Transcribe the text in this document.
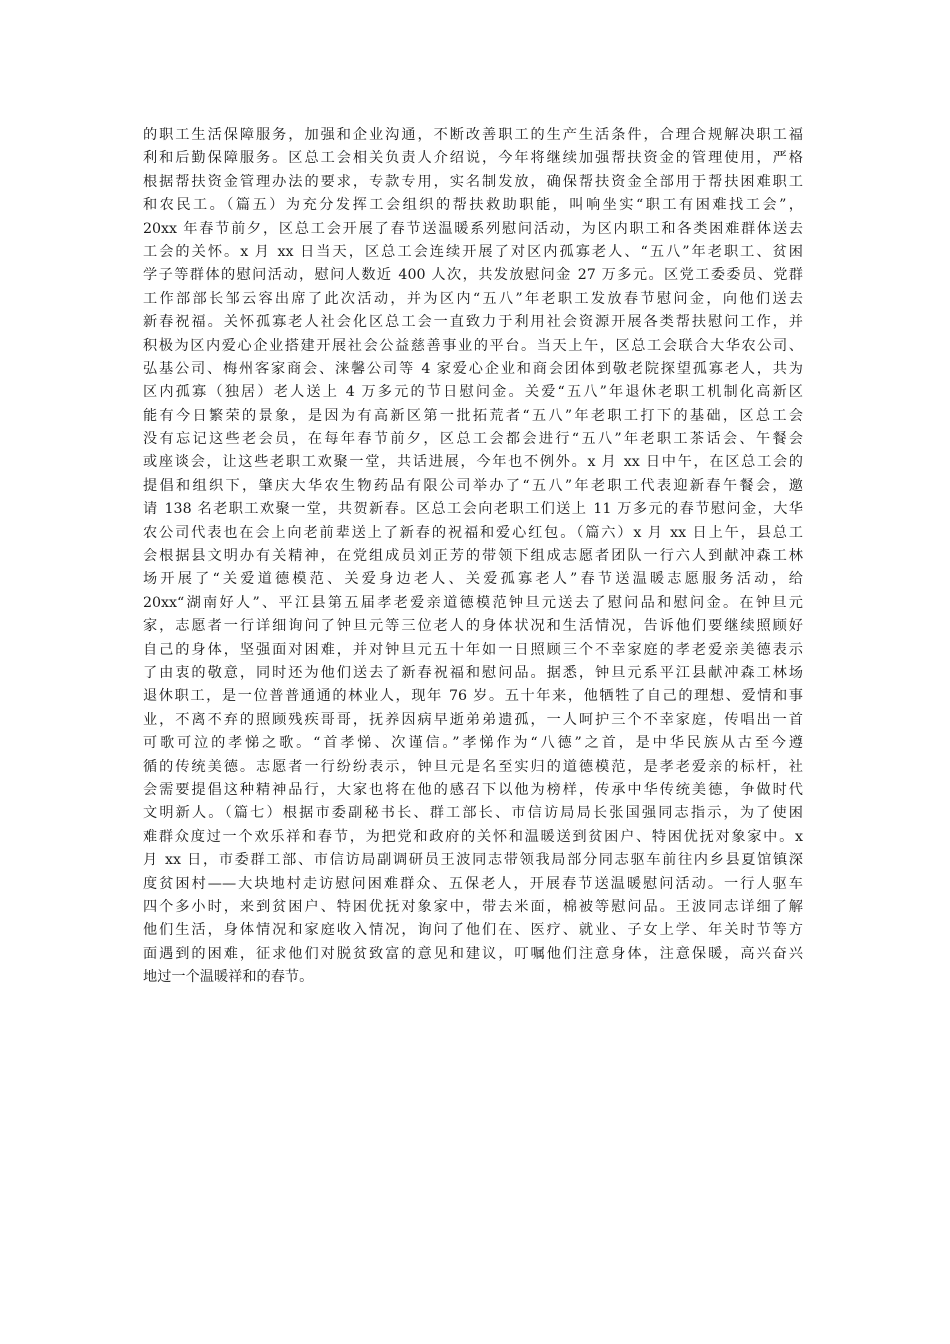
的职工生活保障服务，加强和企业沟通，不断改善职工的生产生活条件，合理合规解决职工福
利和后勤保障服务。区总工会相关负责人介绍说，今年将继续加强帮扶资金的管理使用，严格
根据帮扶资金管理办法的要求，专款专用，实名制发放，确保帮扶资金全部用于帮扶困难职工
和农民工。（篇五）为充分发挥工会组织的帮扶救助职能，叫响坐实“职工有困难找工会”，
20xx 年春节前夕，区总工会开展了春节送温暖系列慰问活动，为区内职工和各类困难群体送去
工会的关怀。x 月 xx 日当天，区总工会连续开展了对区内孤寡老人、“五八”年老职工、贫困
学子等群体的慰问活动，慰问人数近 400 人次，共发放慰问金 27 万多元。区党工委委员、党群
工作部部长邹云容出席了此次活动，并为区内“五八”年老职工发放春节慰问金，向他们送去
新春祝福。关怀孤寡老人社会化区总工会一直致力于利用社会资源开展各类帮扶慰问工作，并
积极为区内爱心企业搭建开展社会公益慈善事业的平台。当天上午，区总工会联合大华农公司、
弘基公司、梅州客家商会、涞馨公司等 4 家爱心企业和商会团体到敬老院探望孤寡老人，共为
区内孤寡（独居）老人送上 4 万多元的节日慰问金。关爱“五八”年退休老职工机制化高新区
能有今日繁荣的景象，是因为有高新区第一批拓荒者“五八”年老职工打下的基础，区总工会
没有忘记这些老会员，在每年春节前夕，区总工会都会进行“五八”年老职工茶话会、午餐会
或座谈会，让这些老职工欢聚一堂，共话进展，今年也不例外。x 月 xx 日中午，在区总工会的
提倡和组织下，肇庆大华农生物药品有限公司举办了“五八”年老职工代表迎新春午餐会，邀
请 138 名老职工欢聚一堂，共贺新春。区总工会向老职工们送上 11 万多元的春节慰问金，大华
农公司代表也在会上向老前辈送上了新春的祝福和爱心红包。（篇六）x 月 xx 日上午，县总工
会根据县文明办有关精神，在党组成员刘正芳的带领下组成志愿者团队一行六人到献冲森工林
场开展了“关爱道德模范、关爱身边老人、关爱孤寡老人”春节送温暖志愿服务活动，给
20xx“湖南好人”、平江县第五届孝老爱亲道德模范钟旦元送去了慰问品和慰问金。在钟旦元
家，志愿者一行详细询问了钟旦元等三位老人的身体状况和生活情况，告诉他们要继续照顾好
自己的身体，坚强面对困难，并对钟旦元五十年如一日照顾三个不幸家庭的孝老爱亲美德表示
了由衷的敬意，同时还为他们送去了新春祝福和慰问品。据悉，钟旦元系平江县献冲森工林场
退休职工，是一位普普通通的林业人，现年 76 岁。五十年来，他牺牲了自己的理想、爱情和事
业，不离不弃的照顾残疾哥哥，抚养因病早逝弟弟遗孤，一人呵护三个不幸家庭，传唱出一首
可歌可泣的孝悌之歌。“首孝悌、次谨信。”孝悌作为“八德”之首，是中华民族从古至今遵
循的传统美德。志愿者一行纷纷表示，钟旦元是名至实归的道德模范，是孝老爱亲的标杆，社
会需要提倡这种精神品行，大家也将在他的感召下以他为榜样，传承中华传统美德，争做时代
文明新人。（篇七）根据市委副秘书长、群工部长、市信访局局长张国强同志指示，为了使困
难群众度过一个欢乐祥和春节，为把党和政府的关怀和温暖送到贫困户、特困优抚对象家中。x
月 xx 日，市委群工部、市信访局副调研员王波同志带领我局部分同志驱车前往内乡县夏馆镇深
度贫困村——大块地村走访慰问困难群众、五保老人，开展春节送温暖慰问活动。一行人驱车
四个多小时，来到贫困户、特困优抚对象家中，带去米面，棉被等慰问品。王波同志详细了解
他们生活，身体情况和家庭收入情况，询问了他们在、医疗、就业、子女上学、年关时节等方
面遇到的困难，征求他们对脱贫致富的意见和建议，叮嘱他们注意身体，注意保暖，高兴奋兴
地过一个温暖祥和的春节。
